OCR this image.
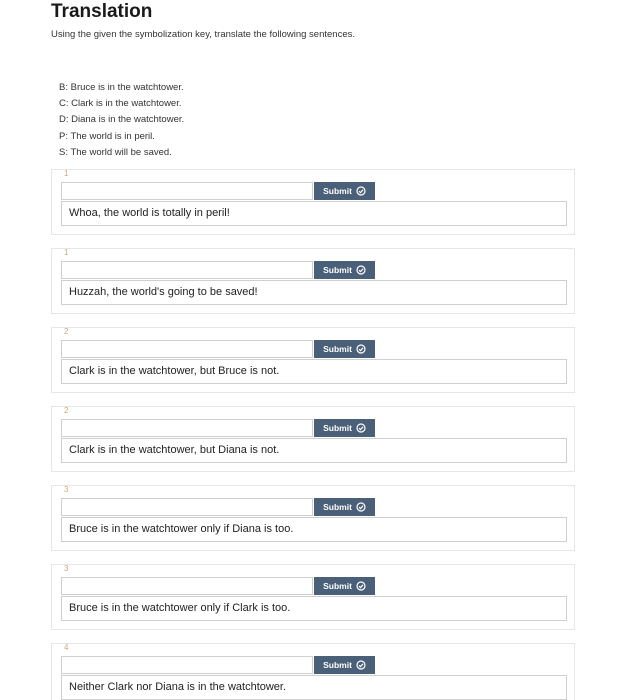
Translation
Using the given the symbolization key, translate the following sentences.
B: Bruce is in the watchtower.
C: Clark is in the watchtower.
D: Diana is in the watchtower.
P: The world is in peril.
S: The world will be saved.
1
Submit
Whoa, the world is totally in peril!
1
Submit
Huzzah, the world's going to be saved!
2
Submit
Clark is in the watchtower, but Bruce is not.
2
Submit
Clark is in the watchtower, but Diana is not.
3
Submit
Bruce is in the watchtower only if Diana is too.
3
Submit
Bruce is in the watchtower only if Clark is too.
4
Submit
Neither Clark nor Diana is in the watchtower.
